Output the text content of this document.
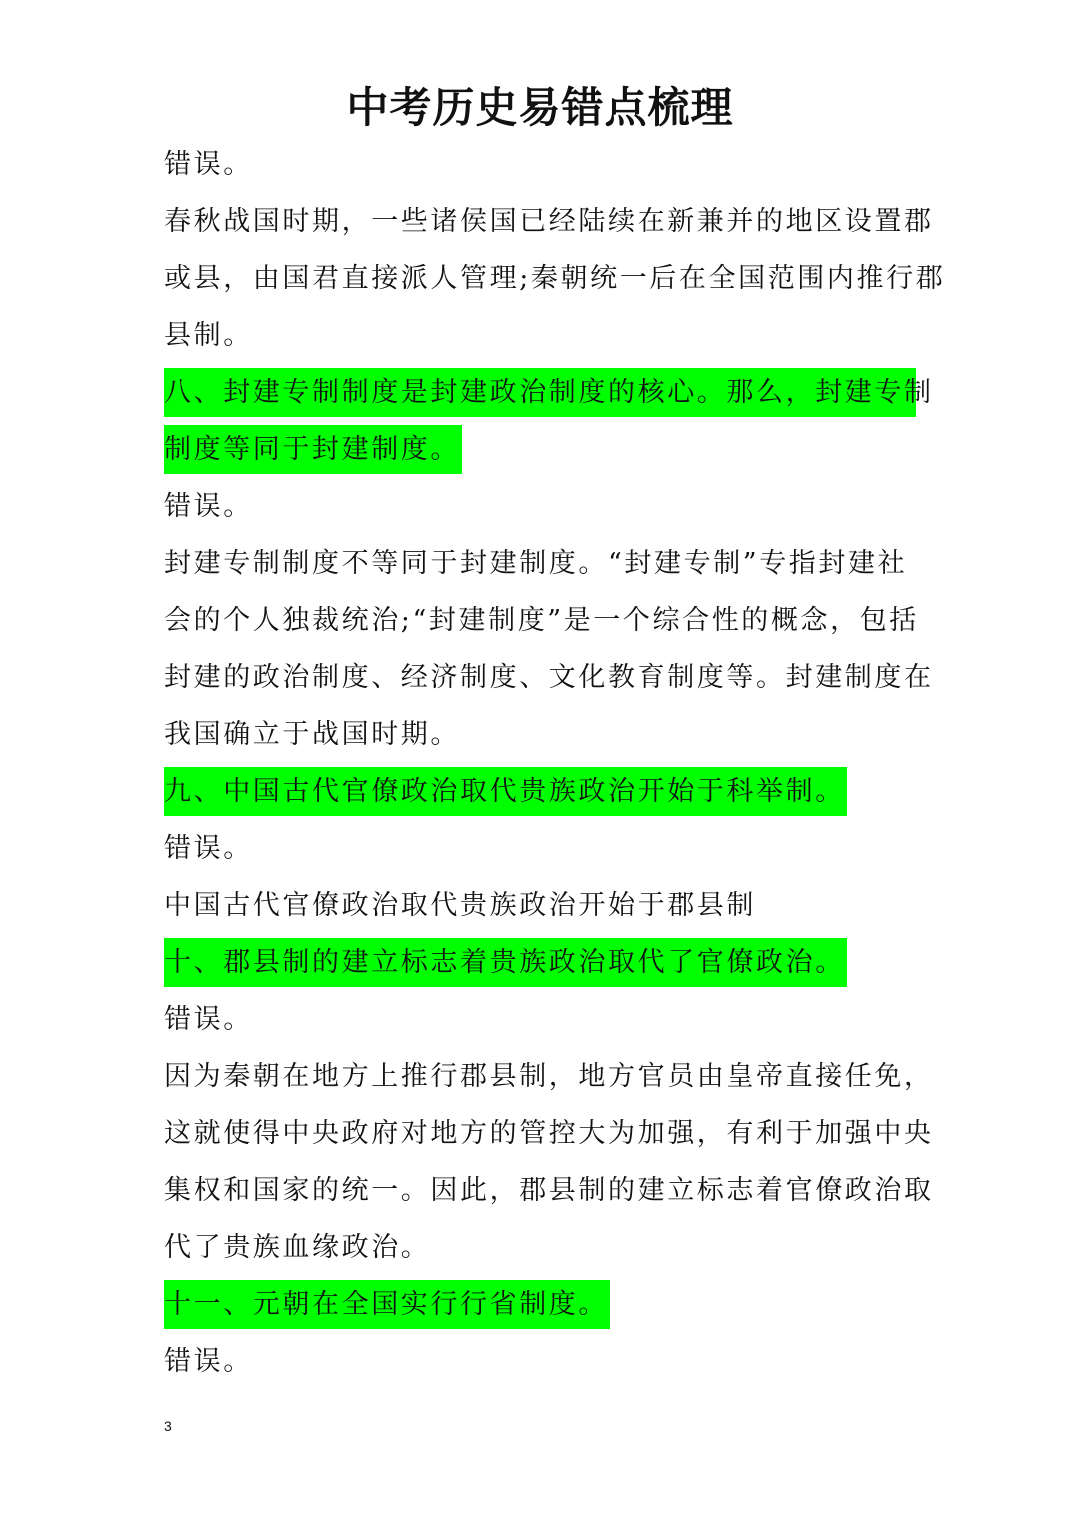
中考历史易错点梳理
错误。
春秋战国时期，一些诸侯国已经陆续在新兼并的地区设置郡
或县，由国君直接派人管理;秦朝统一后在全国范围内推行郡
县制。
八、封建专制制度是封建政治制度的核心。那么，封建专制
制度等同于封建制度。
错误。
封建专制制度不等同于封建制度。“封建专制”专指封建社
会的个人独裁统治;“封建制度”是一个综合性的概念，包括
封建的政治制度、经济制度、文化教育制度等。封建制度在
我国确立于战国时期。
九、中国古代官僚政治取代贵族政治开始于科举制。
错误。
中国古代官僚政治取代贵族政治开始于郡县制
十、郡县制的建立标志着贵族政治取代了官僚政治。
错误。
因为秦朝在地方上推行郡县制，地方官员由皇帝直接任免，
这就使得中央政府对地方的管控大为加强，有利于加强中央
集权和国家的统一。因此，郡县制的建立标志着官僚政治取
代了贵族血缘政治。
十一、元朝在全国实行行省制度。
错误。
3
